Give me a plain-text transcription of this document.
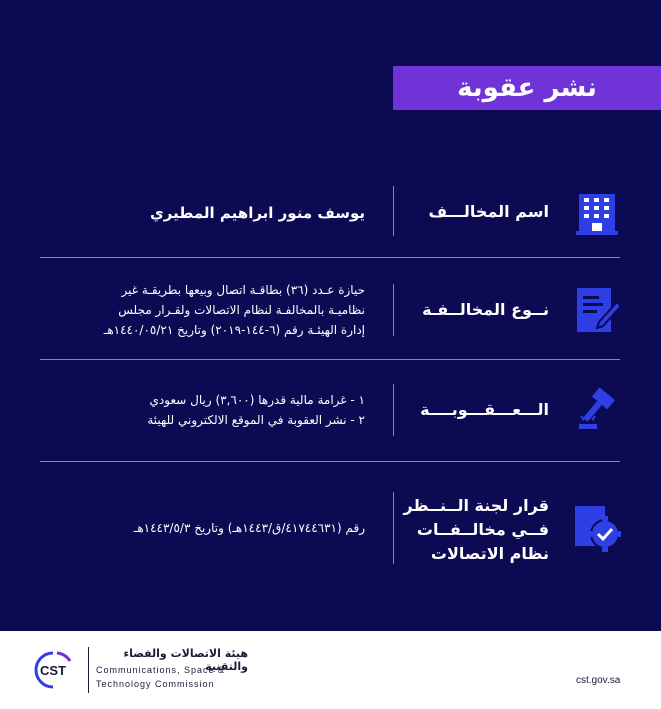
نشر عقوبة
اسم المخالـــف
يوسف منور ابراهيم المطيري
نــوع المخالــفـة
حيازة عـدد (٣٦) بطاقـة اتصال وبيعها بطريقـة غير
نظاميـة بالمخالفـة لنظام الاتصالات ولقـرار مجلس
إدارة الهيئـة رقم (٦-١٤٤-٢٠١٩) وتاريخ ١٤٤٠/٠٥/٢١هـ
الـــعـــقـــوبــــة
١ - غرامة مالية قدرها (٣,٦٠٠) ريال سعودي
٢ - نشر العقوبة في الموقع الالكتروني للهيئة
قرار لجنة الــنــظر
فــي مخالــفــات
نظام الاتصالات
رقم (٤١٧٤٤٦٣١/ق/١٤٤٣هـ) وتاريخ ١٤٤٣/٥/٣هـ
CST
هيئة الاتصالات والفضاء والتقنية
Communications, Space &
Technology Commission	cst.gov.sa
